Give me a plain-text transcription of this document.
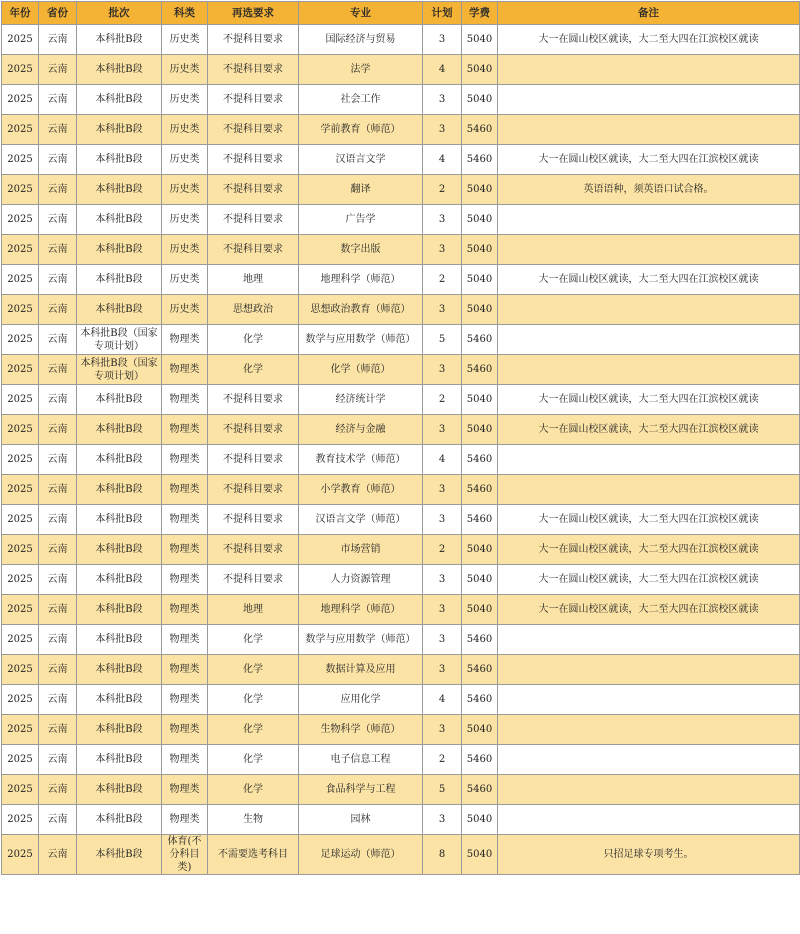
年份	省份	批次	科类	再选要求	专业	计划	学费	备注
2025	云南	本科批B段	历史类	不提科目要求	国际经济与贸易	3	5040	大一在圆山校区就读，大二至大四在江滨校区就读
2025	云南	本科批B段	历史类	不提科目要求	法学	4	5040	
2025	云南	本科批B段	历史类	不提科目要求	社会工作	3	5040	
2025	云南	本科批B段	历史类	不提科目要求	学前教育（师范）	3	5460	
2025	云南	本科批B段	历史类	不提科目要求	汉语言文学	4	5460	大一在圆山校区就读，大二至大四在江滨校区就读
2025	云南	本科批B段	历史类	不提科目要求	翻译	2	5040	英语语种，须英语口试合格。
2025	云南	本科批B段	历史类	不提科目要求	广告学	3	5040	
2025	云南	本科批B段	历史类	不提科目要求	数字出版	3	5040	
2025	云南	本科批B段	历史类	地理	地理科学（师范）	2	5040	大一在圆山校区就读，大二至大四在江滨校区就读
2025	云南	本科批B段	历史类	思想政治	思想政治教育（师范）	3	5040	
2025	云南	本科批B段（国家专项计划）	物理类	化学	数学与应用数学（师范）	5	5460	
2025	云南	本科批B段（国家专项计划）	物理类	化学	化学（师范）	3	5460	
2025	云南	本科批B段	物理类	不提科目要求	经济统计学	2	5040	大一在圆山校区就读，大二至大四在江滨校区就读
2025	云南	本科批B段	物理类	不提科目要求	经济与金融	3	5040	大一在圆山校区就读，大二至大四在江滨校区就读
2025	云南	本科批B段	物理类	不提科目要求	教育技术学（师范）	4	5460	
2025	云南	本科批B段	物理类	不提科目要求	小学教育（师范）	3	5460	
2025	云南	本科批B段	物理类	不提科目要求	汉语言文学（师范）	3	5460	大一在圆山校区就读，大二至大四在江滨校区就读
2025	云南	本科批B段	物理类	不提科目要求	市场营销	2	5040	大一在圆山校区就读，大二至大四在江滨校区就读
2025	云南	本科批B段	物理类	不提科目要求	人力资源管理	3	5040	大一在圆山校区就读，大二至大四在江滨校区就读
2025	云南	本科批B段	物理类	地理	地理科学（师范）	3	5040	大一在圆山校区就读，大二至大四在江滨校区就读
2025	云南	本科批B段	物理类	化学	数学与应用数学（师范）	3	5460	
2025	云南	本科批B段	物理类	化学	数据计算及应用	3	5460	
2025	云南	本科批B段	物理类	化学	应用化学	4	5460	
2025	云南	本科批B段	物理类	化学	生物科学（师范）	3	5040	
2025	云南	本科批B段	物理类	化学	电子信息工程	2	5460	
2025	云南	本科批B段	物理类	化学	食品科学与工程	5	5460	
2025	云南	本科批B段	物理类	生物	园林	3	5040	
2025	云南	本科批B段	体育(不分科目类)	不需要选考科目	足球运动（师范）	8	5040	只招足球专项考生。
